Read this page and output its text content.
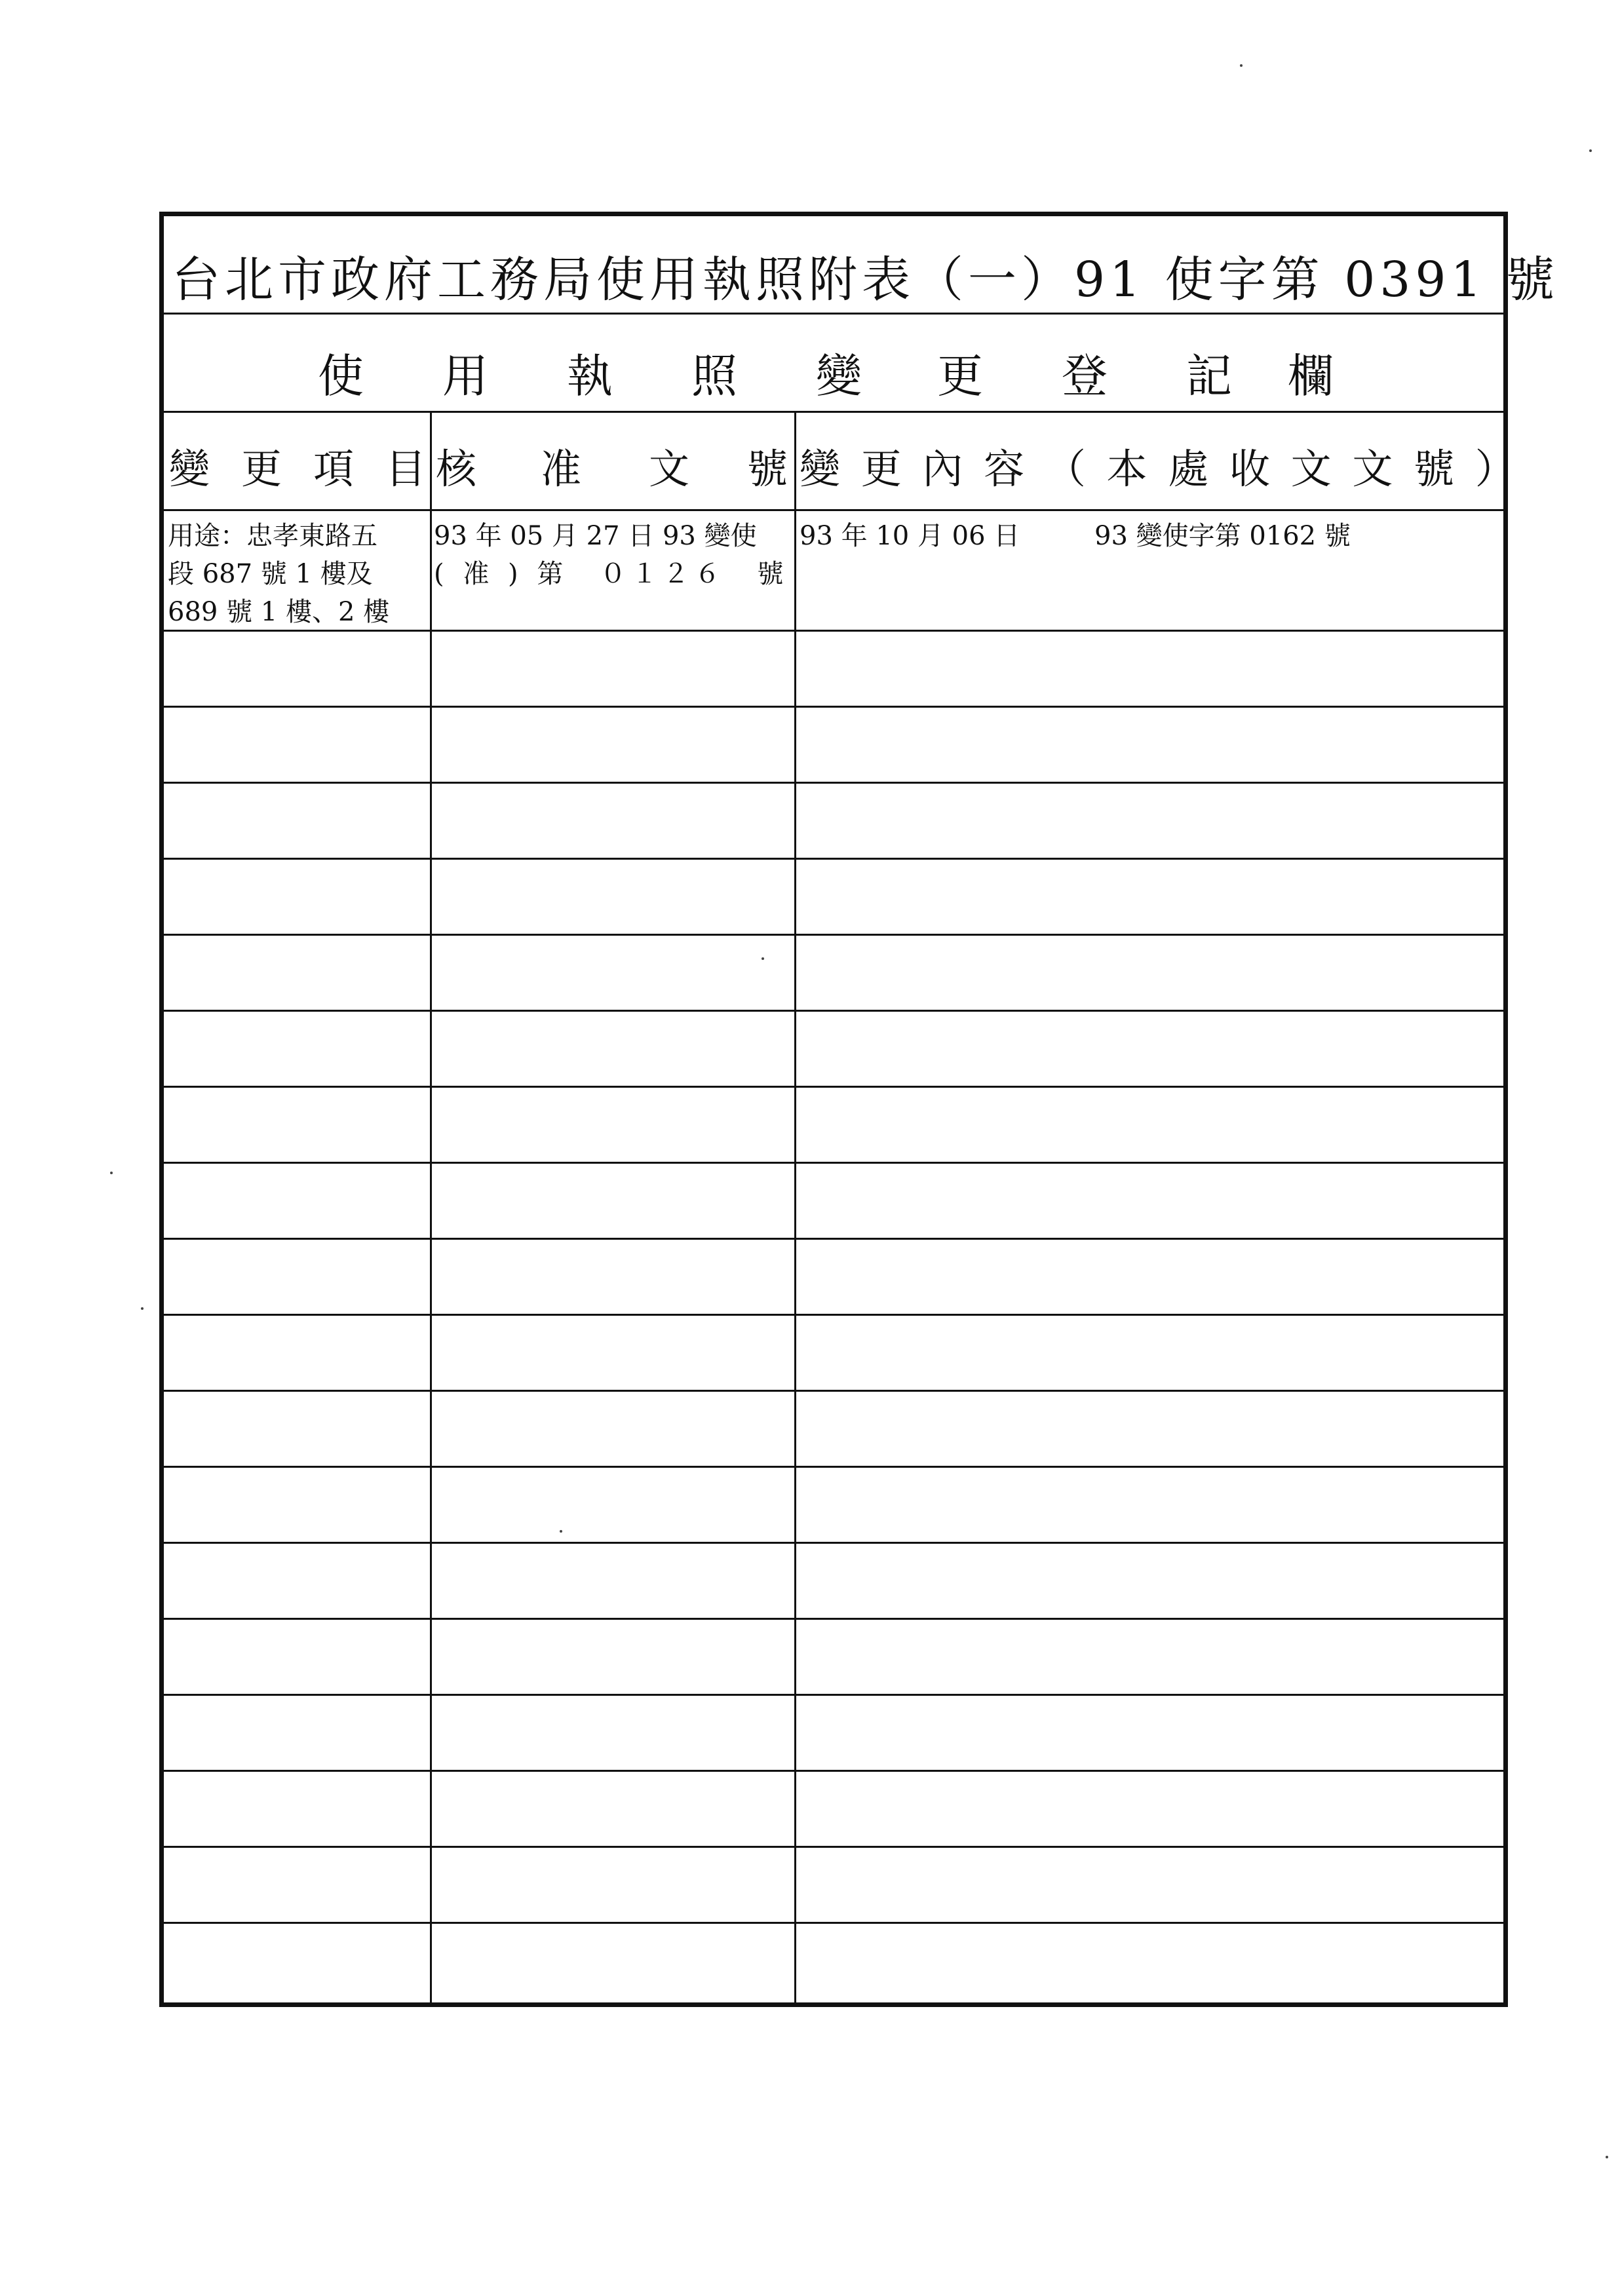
台北市政府工務局使用執照附表（一）91 使字第 0391 號
使 用 執 照 變 更 登 記 欄
變 更 項 目 核 准 文 號 變 更 內 容 （ 本 處 收 文 文 號 ）
用途：忠孝東路五
段 687 號 1 樓及
689 號 1 樓、2 樓
93 年 05 月 27 日 93 變使
( 准 ) 第　０１２６　號
93 年 10 月 06 日	93 變使字第 0162 號
